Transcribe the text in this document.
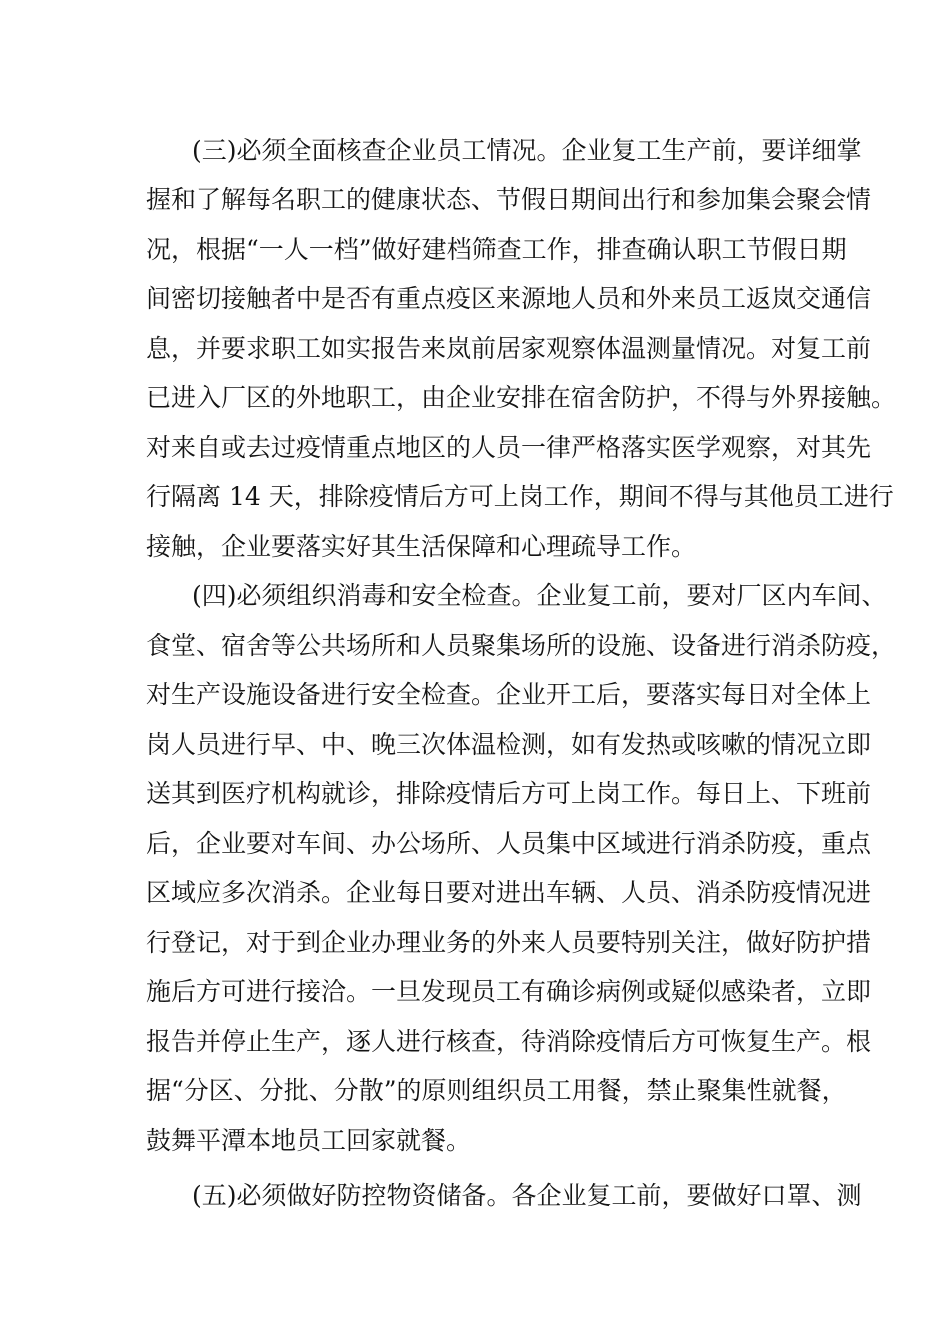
(三)必须全面核查企业员工情况。企业复工生产前，要详细掌
握和了解每名职工的健康状态、节假日期间出行和参加集会聚会情
况，根据“一人一档”做好建档筛查工作，排查确认职工节假日期
间密切接触者中是否有重点疫区来源地人员和外来员工返岚交通信
息，并要求职工如实报告来岚前居家观察体温测量情况。对复工前
已进入厂区的外地职工，由企业安排在宿舍防护，不得与外界接触。
对来自或去过疫情重点地区的人员一律严格落实医学观察，对其先
行隔离 14 天，排除疫情后方可上岗工作，期间不得与其他员工进行
接触，企业要落实好其生活保障和心理疏导工作。
(四)必须组织消毒和安全检查。企业复工前，要对厂区内车间、
食堂、宿舍等公共场所和人员聚集场所的设施、设备进行消杀防疫，
对生产设施设备进行安全检查。企业开工后，要落实每日对全体上
岗人员进行早、中、晚三次体温检测，如有发热或咳嗽的情况立即
送其到医疗机构就诊，排除疫情后方可上岗工作。每日上、下班前
后，企业要对车间、办公场所、人员集中区域进行消杀防疫，重点
区域应多次消杀。企业每日要对进出车辆、人员、消杀防疫情况进
行登记，对于到企业办理业务的外来人员要特别关注，做好防护措
施后方可进行接洽。一旦发现员工有确诊病例或疑似感染者，立即
报告并停止生产，逐人进行核查，待消除疫情后方可恢复生产。根
据“分区、分批、分散”的原则组织员工用餐，禁止聚集性就餐，
鼓舞平潭本地员工回家就餐。
(五)必须做好防控物资储备。各企业复工前，要做好口罩、测
